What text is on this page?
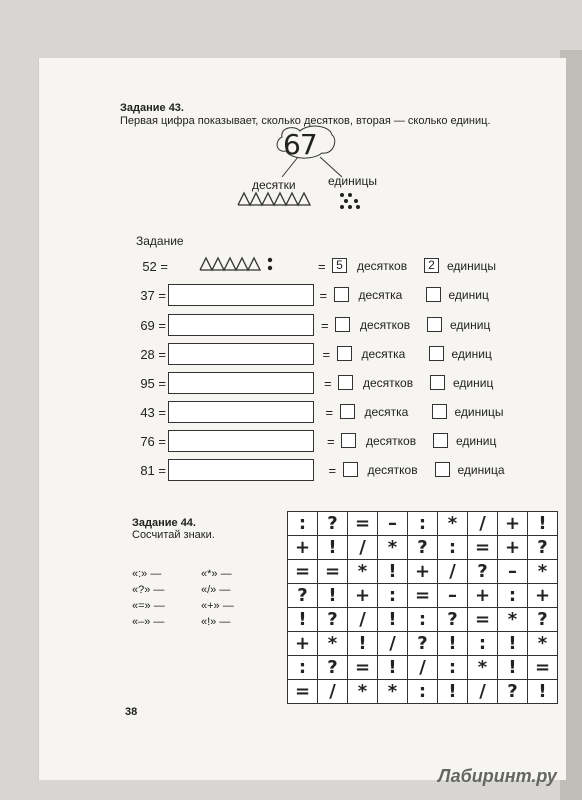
Задание 43.
Первая цифра показывает, сколько десятков, вторая — сколько единиц.
67
десятки	единицы
Задание
52 =	= 5	десятков	2	единицы
37 =	=	десятка	единиц
69 =	=	десятков	единиц
28 =	=	десятка	единиц
95 =	=	десятков	единиц
43 =	=	десятка	единицы
76 =	=	десятков	единиц
81 =	=	десятков	единица
Задание 44.
Сосчитай знаки.
«:» —
«?» —
«=» —
«–» —
«*» —
«/» —
«+» —
«!» —
:	?	=	–	:	*	/	+	!
+	!	/	*	?	:	=	+	?
=	=	*	!	+	/	?	–	*
?	!	+	:	=	–	+	:	+
!	?	/	!	:	?	=	*	?
+	*	!	/	?	!	:	!	*
:	?	=	!	/	:	*	!	=
=	/	*	*	:	!	/	?	!
38
Лабиринт.ру
